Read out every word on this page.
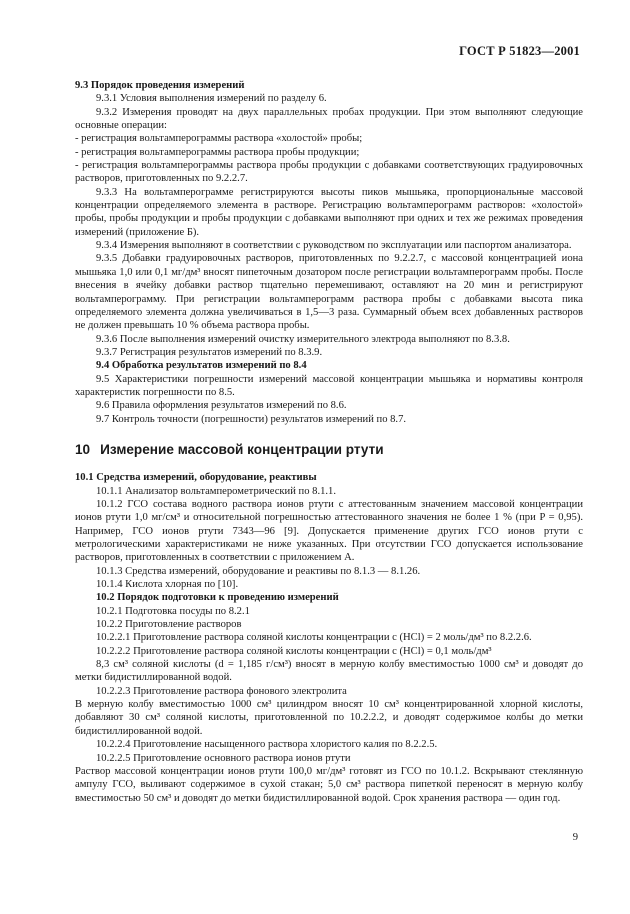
ГОСТ Р 51823—2001

9.3 Порядок проведения измерений

9.3.1 Условия выполнения измерений по разделу 6.

9.3.2 Измерения проводят на двух параллельных пробах продукции. При этом выполняют следующие основные операции:

- регистрация вольтамперограммы раствора «холостой» пробы;

- регистрация вольтамперограммы раствора пробы продукции;

- регистрация вольтамперограммы раствора пробы продукции с добавками соответствующих градуировочных растворов, приготовленных по 9.2.2.7.

9.3.3 На вольтамперограмме регистрируются высоты пиков мышьяка, пропорциональные массовой концентрации определяемого элемента в растворе. Регистрацию вольтамперограмм растворов: «холостой» пробы, пробы продукции и пробы продукции с добавками выполняют при одних и тех же режимах проведения измерений (приложение Б).

9.3.4 Измерения выполняют в соответствии с руководством по эксплуатации или паспортом анализатора.

9.3.5 Добавки градуировочных растворов, приготовленных по 9.2.2.7, с массовой концентрацией иона мышьяка 1,0 или 0,1 мг/дм³ вносят пипеточным дозатором после регистрации вольтамперограмм пробы. После внесения в ячейку добавки раствор тщательно перемешивают, оставляют на 20 мин и регистрируют вольтамперограмму. При регистрации вольтамперограмм раствора пробы с добавками высота пика определяемого элемента должна увеличиваться в 1,5—3 раза. Суммарный объем всех добавленных растворов не должен превышать 10 % объема раствора пробы.

9.3.6 После выполнения измерений очистку измерительного электрода выполняют по 8.3.8.

9.3.7 Регистрация результатов измерений по 8.3.9.

9.4 Обработка результатов измерений по 8.4

9.5 Характеристики погрешности измерений массовой концентрации мышьяка и нормативы контроля характеристик погрешности по 8.5.

9.6 Правила оформления результатов измерений по 8.6.

9.7 Контроль точности (погрешности) результатов измерений по 8.7.

10 Измерение массовой концентрации ртути

10.1 Средства измерений, оборудование, реактивы

10.1.1 Анализатор вольтамперометрический по 8.1.1.

10.1.2 ГСО состава водного раствора ионов ртути с аттестованным значением массовой концентрации ионов ртути 1,0 мг/см³ и относительной погрешностью аттестованного значения не более 1 % (при P = 0,95). Например, ГСО ионов ртути 7343—96 [9]. Допускается применение других ГСО ионов ртути с метрологическими характеристиками не ниже указанных. При отсутствии ГСО допускается использование растворов, приготовленных в соответствии с приложением А.

10.1.3 Средства измерений, оборудование и реактивы по 8.1.3 — 8.1.26.

10.1.4 Кислота хлорная по [10].

10.2 Порядок подготовки к проведению измерений

10.2.1 Подготовка посуды по 8.2.1

10.2.2 Приготовление растворов

10.2.2.1 Приготовление раствора соляной кислоты концентрации c (HCl) = 2 моль/дм³ по 8.2.2.6.

10.2.2.2 Приготовление раствора соляной кислоты концентрации c (HCl) = 0,1 моль/дм³

8,3 см³ соляной кислоты (d = 1,185 г/см³) вносят в мерную колбу вместимостью 1000 см³ и доводят до метки бидистиллированной водой.

10.2.2.3 Приготовление раствора фонового электролита

В мерную колбу вместимостью 1000 см³ цилиндром вносят 10 см³ концентрированной хлорной кислоты, добавляют 30 см³ соляной кислоты, приготовленной по 10.2.2.2, и доводят содержимое колбы до метки бидистиллированной водой.

10.2.2.4 Приготовление насыщенного раствора хлористого калия по 8.2.2.5.

10.2.2.5 Приготовление основного раствора ионов ртути

Раствор массовой концентрации ионов ртути 100,0 мг/дм³ готовят из ГСО по 10.1.2. Вскрывают стеклянную ампулу ГСО, выливают содержимое в сухой стакан; 5,0 см³ раствора пипеткой переносят в мерную колбу вместимостью 50 см³ и доводят до метки бидистиллированной водой. Срок хранения раствора — один год.

9
